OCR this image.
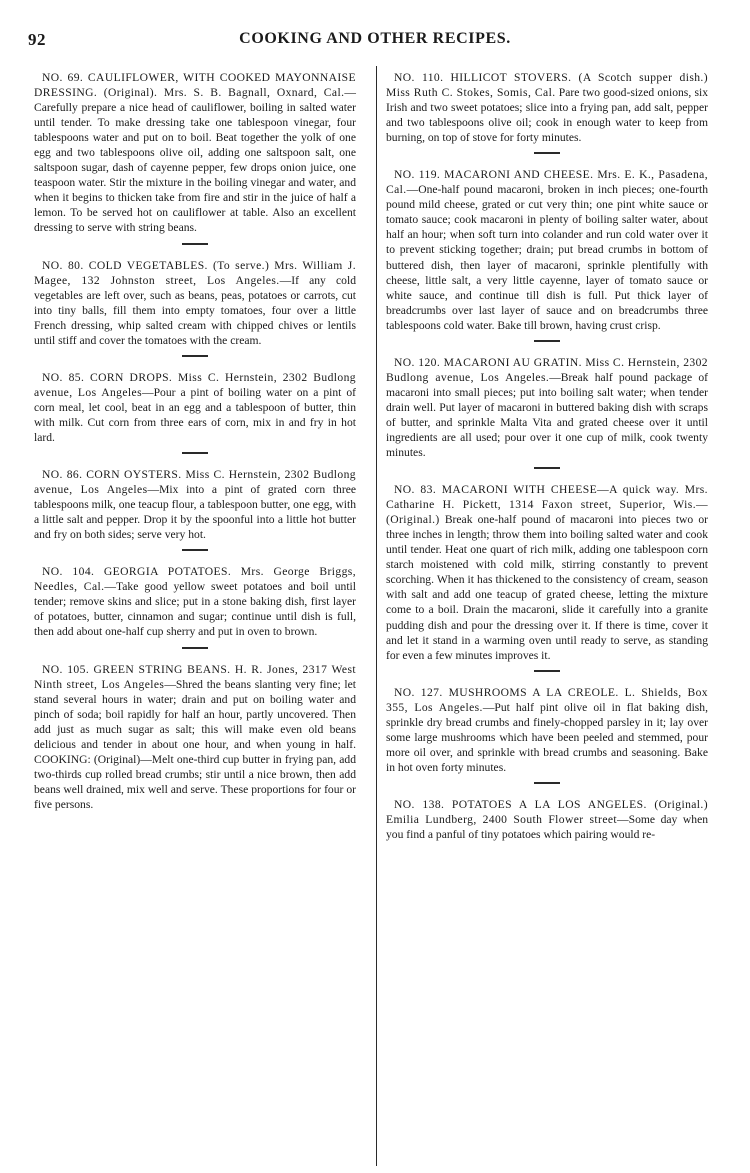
92	COOKING AND OTHER RECIPES.

NO. 69. CAULIFLOWER, WITH COOKED MAYONNAISE DRESSING. (Original). Mrs. S. B. Bagnall, Oxnard, Cal.—Carefully prepare a nice head of cauliflower, boiling in salted water until tender. To make dressing take one tablespoon vinegar, four tablespoons water and put on to boil. Beat together the yolk of one egg and two tablespoons olive oil, adding one saltspoon salt, one saltspoon sugar, dash of cayenne pepper, few drops onion juice, one teaspoon water. Stir the mixture in the boiling vinegar and water, and when it begins to thicken take from fire and stir in the juice of half a lemon. To be served hot on cauliflower at table. Also an excellent dressing to serve with string beans.

NO. 80. COLD VEGETABLES. (To serve.) Mrs. William J. Magee, 132 Johnston street, Los Angeles.—If any cold vegetables are left over, such as beans, peas, potatoes or carrots, cut into tiny balls, fill them into empty tomatoes, four over a little French dressing, whip salted cream with chipped chives or lentils until stiff and cover the tomatoes with the cream.

NO. 85. CORN DROPS. Miss C. Hernstein, 2302 Budlong avenue, Los Angeles—Pour a pint of boiling water on a pint of corn meal, let cool, beat in an egg and a tablespoon of butter, thin with milk. Cut corn from three ears of corn, mix in and fry in hot lard.

NO. 86. CORN OYSTERS. Miss C. Hernstein, 2302 Budlong avenue, Los Angeles—Mix into a pint of grated corn three tablespoons milk, one teacup flour, a tablespoon butter, one egg, with a little salt and pepper. Drop it by the spoonful into a little hot butter and fry on both sides; serve very hot.

NO. 104. GEORGIA POTATOES. Mrs. George Briggs, Needles, Cal.—Take good yellow sweet potatoes and boil until tender; remove skins and slice; put in a stone baking dish, first layer of potatoes, butter, cinnamon and sugar; continue until dish is full, then add about one-half cup sherry and put in oven to brown.

NO. 105. GREEN STRING BEANS. H. R. Jones, 2317 West Ninth street, Los Angeles—Shred the beans slanting very fine; let stand several hours in water; drain and put on boiling water and pinch of soda; boil rapidly for half an hour, partly uncovered. Then add just as much sugar as salt; this will make even old beans delicious and tender in about one hour, and when young in half. COOKING: (Original)—Melt one-third cup butter in frying pan, add two-thirds cup rolled bread crumbs; stir until a nice brown, then add beans well drained, mix well and serve. These proportions for four or five persons.

NO. 110. HILLICOT STOVERS. (A Scotch supper dish.) Miss Ruth C. Stokes, Somis, Cal. Pare two good-sized onions, six Irish and two sweet potatoes; slice into a frying pan, add salt, pepper and two tablespoons olive oil; cook in enough water to keep from burning, on top of stove for forty minutes.

NO. 119. MACARONI AND CHEESE. Mrs. E. K., Pasadena, Cal.—One-half pound macaroni, broken in inch pieces; one-fourth pound mild cheese, grated or cut very thin; one pint white sauce or tomato sauce; cook macaroni in plenty of boiling salter water, about half an hour; when soft turn into colander and run cold water over it to prevent sticking together; drain; put bread crumbs in bottom of buttered dish, then layer of macaroni, sprinkle plentifully with cheese, little salt, a very little cayenne, layer of tomato sauce or white sauce, and continue till dish is full. Put thick layer of breadcrumbs over last layer of sauce and on breadcrumbs three tablespoons cold water. Bake till brown, having crust crisp.

NO. 120. MACARONI AU GRATIN. Miss C. Hernstein, 2302 Budlong avenue, Los Angeles.—Break half pound package of macaroni into small pieces; put into boiling salt water; when tender drain well. Put layer of macaroni in buttered baking dish with scraps of butter, and sprinkle Malta Vita and grated cheese over it until ingredients are all used; pour over it one cup of milk, cook twenty minutes.

NO. 83. MACARONI WITH CHEESE—A quick way. Mrs. Catharine H. Pickett, 1314 Faxon street, Superior, Wis.—(Original.) Break one-half pound of macaroni into pieces two or three inches in length; throw them into boiling salted water and cook until tender. Heat one quart of rich milk, adding one tablespoon corn starch moistened with cold milk, stirring constantly to prevent scorching. When it has thickened to the consistency of cream, season with salt and add one teacup of grated cheese, letting the mixture come to a boil. Drain the macaroni, slide it carefully into a granite pudding dish and pour the dressing over it. If there is time, cover it and let it stand in a warming oven until ready to serve, as standing for even a few minutes improves it.

NO. 127. MUSHROOMS A LA CREOLE. L. Shields, Box 355, Los Angeles.—Put half pint olive oil in flat baking dish, sprinkle dry bread crumbs and finely-chopped parsley in it; lay over some large mushrooms which have been peeled and stemmed, pour more oil over, and sprinkle with bread crumbs and seasoning. Bake in hot oven forty minutes.

NO. 138. POTATOES A LA LOS ANGELES. (Original.) Emilia Lundberg, 2400 South Flower street—Some day when you find a panful of tiny potatoes which pairing would re-
